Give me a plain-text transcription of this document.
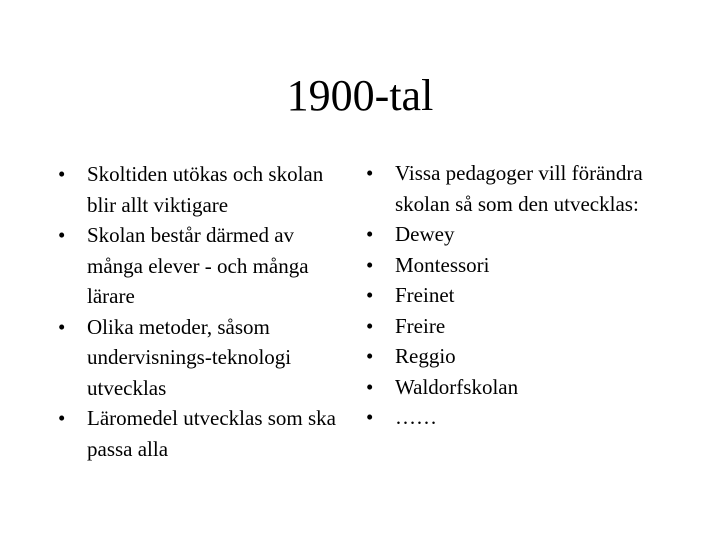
1900-tal
•	Skoltiden utökas och skolan blir allt viktigare
•	Skolan består därmed av många elever - och många lärare
•	Olika metoder, såsom undervisnings-teknologi utvecklas
•	Läromedel utvecklas som ska passa alla
•	Vissa pedagoger vill förändra skolan så som den utvecklas:
•	Dewey
•	Montessori
•	Freinet
•	Freire
•	Reggio
•	Waldorfskolan
•	……
